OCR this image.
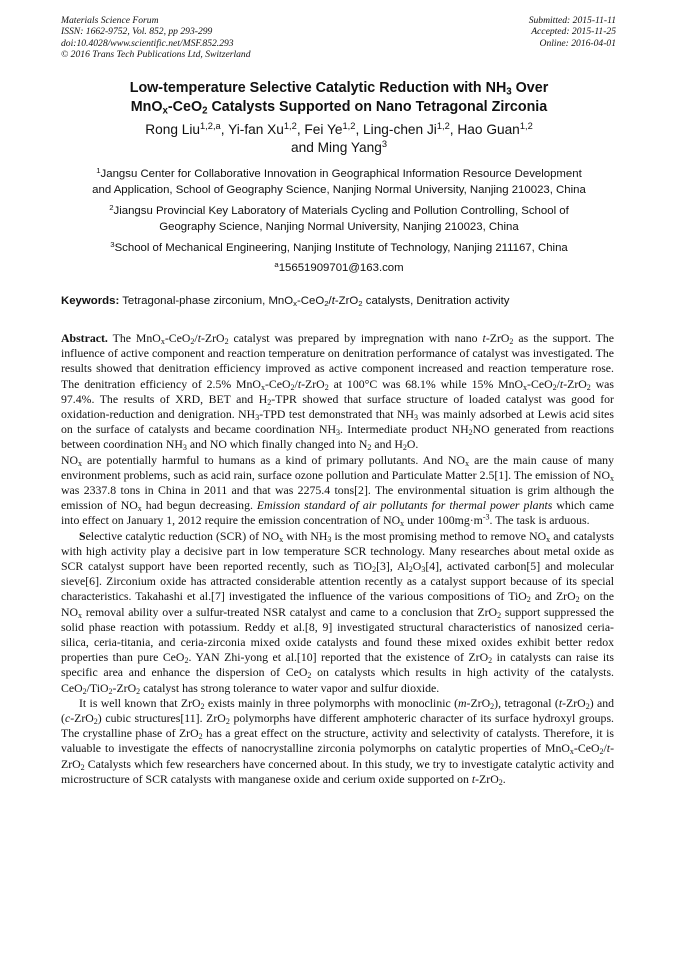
Materials Science Forum
ISSN: 1662-9752, Vol. 852, pp 293-299
doi:10.4028/www.scientific.net/MSF.852.293
© 2016 Trans Tech Publications Ltd, Switzerland
Submitted: 2015-11-11
Accepted: 2015-11-25
Online: 2016-04-01
Low-temperature Selective Catalytic Reduction with $NH_3$ Over
MnO$_x$-CeO$_2$ Catalysts Supported on Nano Tetragonal Zirconia
Rong Liu$^{1,2,a}$, Yi-fan Xu$^{1,2}$, Fei Ye$^{1,2}$, Ling-chen Ji$^{1,2}$, Hao Guan$^{1,2}$
and Ming Yang$^3$
$^1$Jangsu Center for Collaborative Innovation in Geographical Information Resource Development
and Application, School of Geography Science, Nanjing Normal University, Nanjing 210023, China
$^2$Jiangsu Provincial Key Laboratory of Materials Cycling and Pollution Controlling, School of
Geography Science, Nanjing Normal University, Nanjing 210023, China
$^3$School of Mechanical Engineering, Nanjing Institute of Technology, Nanjing 211167, China
$^a$15651909701@163.com
Keywords: Tetragonal-phase zirconium, MnO$_x$-CeO$_2$/t-ZrO$_2$ catalysts, Denitration activity

Abstract. The MnO$_x$-CeO$_2$/t-ZrO$_2$ catalyst was prepared by impregnation with nano t-ZrO$_2$ as the support. The influence of active component and reaction temperature on denitration performance of catalyst was investigated. The results showed that denitration efficiency improved as active component increased and reaction temperature rose. The denitration efficiency of 2.5% MnO$_x$-CeO$_2$/t-ZrO$_2$ at 100°C was 68.1% while 15% MnO$_x$-CeO$_2$/t-ZrO$_2$ was 97.4%. The results of XRD, BET and $H_2$-TPR showed that surface structure of loaded catalyst was good for oxidation-reduction and denigration. $NH_3$-TPD test demonstrated that $NH_3$ was mainly adsorbed at Lewis acid sites on the surface of catalysts and became coordination $NH_3$. Intermediate product $NH_2NO$ generated from reactions between coordination $NH_3$ and NO which finally changed into $N_2$ and $H_2O$.

$NO_x$ are potentially harmful to humans as a kind of primary pollutants. And $NO_x$ are the main cause of many environment problems, such as acid rain, surface ozone pollution and Particulate Matter 2.5[1]. The emission of $NO_x$ was 2337.8 tons in China in 2011 and that was 2275.4 tons[2]. The environmental situation is grim although the emission of $NO_x$ had begun decreasing. Emission standard of air pollutants for thermal power plants which came into effect on January 1, 2012 require the emission concentration of $NO_x$ under $100mg\cdot m^{-3}$. The task is arduous.

Selective catalytic reduction (SCR) of $NO_x$ with $NH_3$ is the most promising method to remove $NO_x$ and catalysts with high activity play a decisive part in low temperature SCR technology. Many researches about metal oxide as SCR catalyst support have been reported recently, such as TiO$_2$[3], $Al_2O_3[4]$, activated carbon[5] and molecular sieve[6]. Zirconium oxide has attracted considerable attention recently as a catalyst support because of its special characteristics. Takahashi et al.[7] investigated the influence of the various compositions of TiO$_2$ and ZrO$_2$ on the $NO_x$ removal ability over a sulfur-treated NSR catalyst and came to a conclusion that ZrO$_2$ support suppressed the solid phase reaction with potassium. Reddy et al.[8, 9] investigated structural characteristics of nanosized ceria-silica, ceria-titania, and ceria-zirconia mixed oxide catalysts and found these mixed oxides exhibit better redox properties than pure CeO$_2$. YAN Zhi-yong et al.[10] reported that the existence of ZrO$_2$ in catalysts can raise its specific area and enhance the dispersion of CeO$_2$ on catalysts which results in high activity of the catalysts. CeO$_2$/TiO$_2$-ZrO$_2$ catalyst has strong tolerance to water vapor and sulfur dioxide.

It is well known that ZrO$_2$ exists mainly in three polymorphs with monoclinic (m-ZrO$_2$), tetragonal (t-ZrO$_2$) and (c-ZrO$_2$) cubic structures[11]. ZrO$_2$ polymorphs have different amphoteric character of its surface hydroxyl groups. The crystalline phase of ZrO$_2$ has a great effect on the structure, activity and selectivity of catalysts. Therefore, it is valuable to investigate the effects of nanocrystalline zirconia polymorphs on catalytic properties of MnO$_x$-CeO$_2$/t-ZrO$_2$ Catalysts which few researchers have concerned about. In this study, we try to investigate catalytic activity and microstructure of SCR catalysts with manganese oxide and cerium oxide supported on t-ZrO$_2$.
